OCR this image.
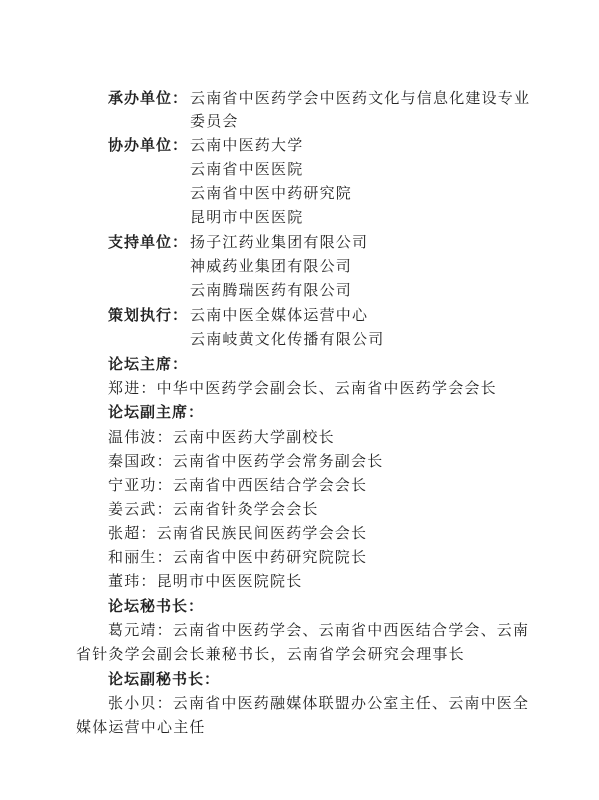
承办单位： 云南省中医药学会中医药文化与信息化建设专业
委员会
协办单位： 云南中医药大学
云南省中医医院
云南省中医中药研究院
昆明市中医医院
支持单位： 扬子江药业集团有限公司
神威药业集团有限公司
云南腾瑞医药有限公司
策划执行： 云南中医全媒体运营中心
云南岐黄文化传播有限公司
论坛主席：
郑进：中华中医药学会副会长、云南省中医药学会会长
论坛副主席：
温伟波：云南中医药大学副校长
秦国政：云南省中医药学会常务副会长
宁亚功：云南省中西医结合学会会长
姜云武：云南省针灸学会会长
张超：云南省民族民间医药学会会长
和丽生：云南省中医中药研究院院长
董玮：昆明市中医医院院长
论坛秘书长：
葛元靖：云南省中医药学会、云南省中西医结合学会、云南
省针灸学会副会长兼秘书长，云南省学会研究会理事长
论坛副秘书长：
张小贝：云南省中医药融媒体联盟办公室主任、云南中医全
媒体运营中心主任
